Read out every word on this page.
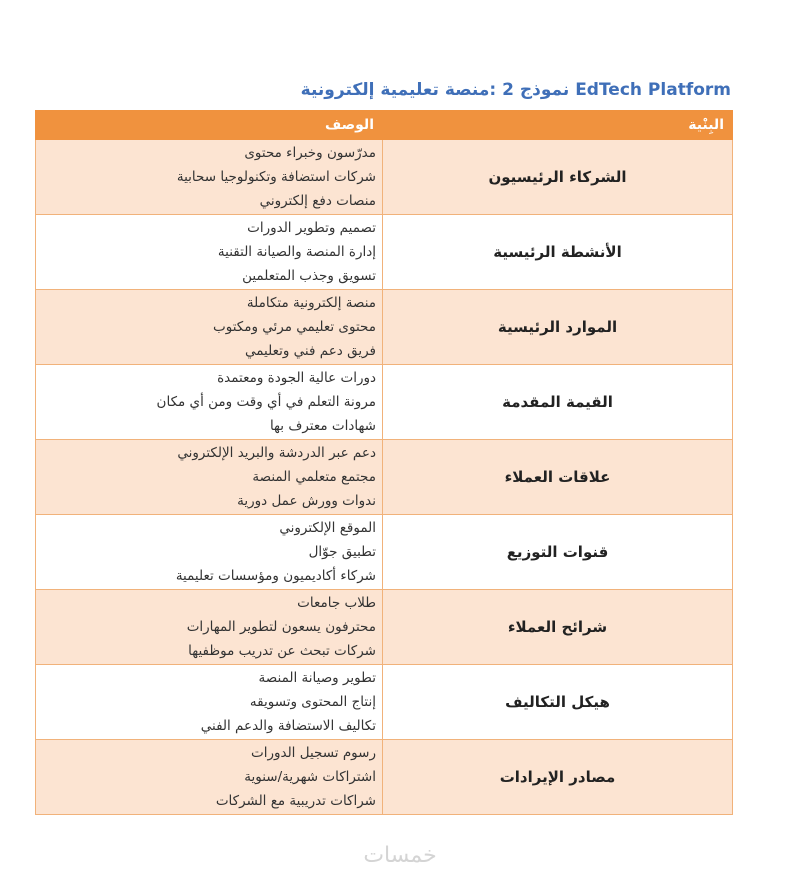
EdTech Platform نموذج 2 :منصة تعليمية إلكترونية
البِنْية	الوصف
الشركاء الرئيسيون	مدرّسون وخبراء محتوى
شركات استضافة وتكنولوجيا سحابية
منصات دفع إلكتروني

الأنشطة الرئيسية	تصميم وتطوير الدورات
إدارة المنصة والصيانة التقنية
تسويق وجذب المتعلمين

الموارد الرئيسية	منصة إلكترونية متكاملة
محتوى تعليمي مرئي ومكتوب
فريق دعم فني وتعليمي

القيمة المقدمة	دورات عالية الجودة ومعتمدة
مرونة التعلم في أي وقت ومن أي مكان
شهادات معترف بها

علاقات العملاء	دعم عبر الدردشة والبريد الإلكتروني
مجتمع متعلمي المنصة
ندوات وورش عمل دورية

قنوات التوزيع	الموقع الإلكتروني
تطبيق جوّال
شركاء أكاديميون ومؤسسات تعليمية

شرائح العملاء	طلاب جامعات
محترفون يسعون لتطوير المهارات
شركات تبحث عن تدريب موظفيها

هيكل التكاليف	تطوير وصيانة المنصة
إنتاج المحتوى وتسويقه
تكاليف الاستضافة والدعم الفني

مصادر الإيرادات	رسوم تسجيل الدورات
اشتراكات شهرية/سنوية
شراكات تدريبية مع الشركات
خمسات
